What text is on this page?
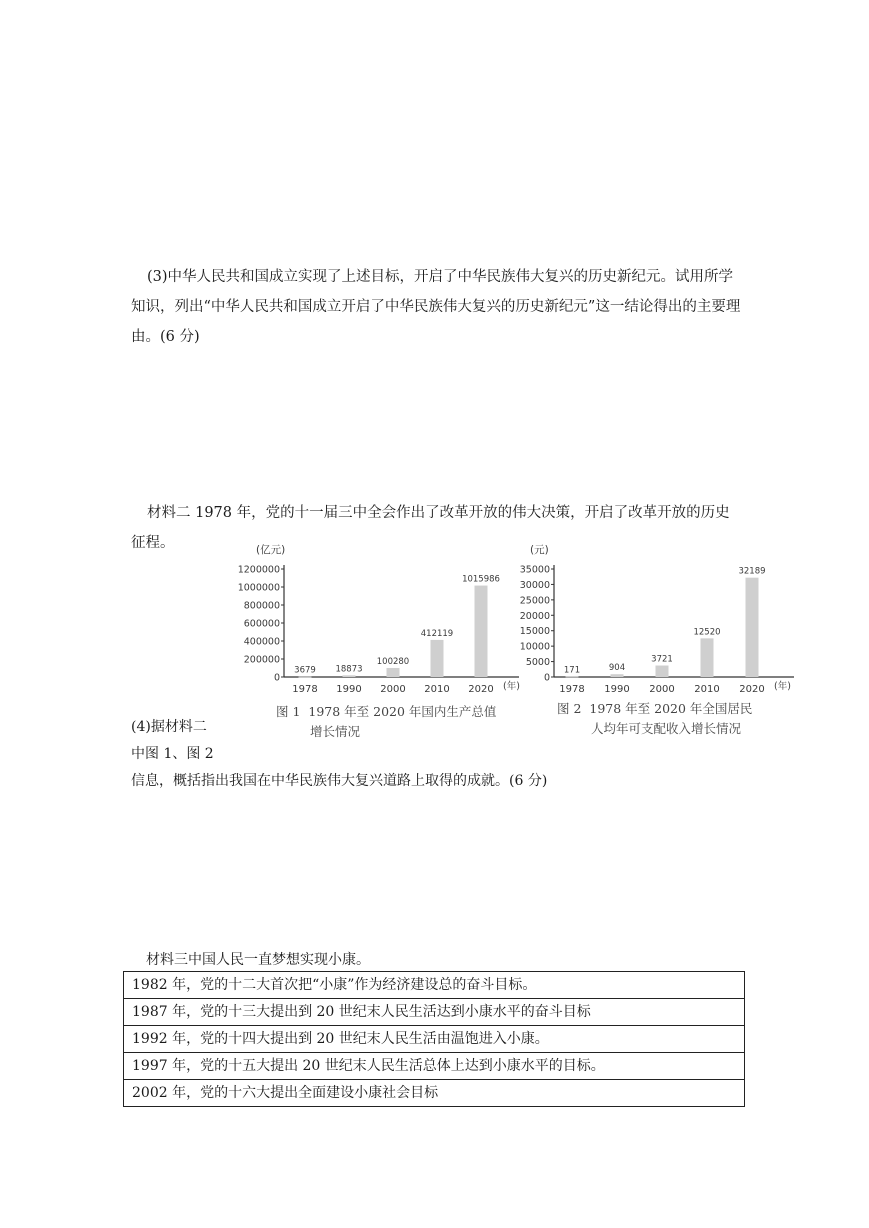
(3)中华人民共和国成立实现了上述目标，开启了中华民族伟大复兴的历史新纪元。试用所学知识，列出“中华人民共和国成立开启了中华民族伟大复兴的历史新纪元”这一结论得出的主要理由。(6 分)

材料二 1978 年，党的十一届三中全会作出了改革开放的伟大决策，开启了改革开放的历史征程。	(亿元)
0
200000
400000
600000
800000
1000000
1200000
3679
1978
18873
1990
100280
2000
412119
2010
1015986
2020 (年)
(元)
0
5000
10000
15000
20000
25000
30000
35000
171
1978
904
1990
3721
2000
12520
2010
32189
2020 (年)
图 1 1978 年至 2020 年国内生产总值
增长情况
图 2 1978 年至 2020 年全国居民
人均年可支配收入增长情况
(4)据材料二
中图 1、图 2
信息，概括指出我国在中华民族伟大复兴道路上取得的成就。(6 分)
材料三中国人民一直梦想实现小康。
1982 年，党的十二大首次把“小康”作为经济建设总的奋斗目标。
1987 年，党的十三大提出到 20 世纪末人民生活达到小康水平的奋斗目标
1992 年，党的十四大提出到 20 世纪末人民生活由温饱进入小康。
1997 年，党的十五大提出 20 世纪末人民生活总体上达到小康水平的目标。
2002 年，党的十六大提出全面建设小康社会目标
